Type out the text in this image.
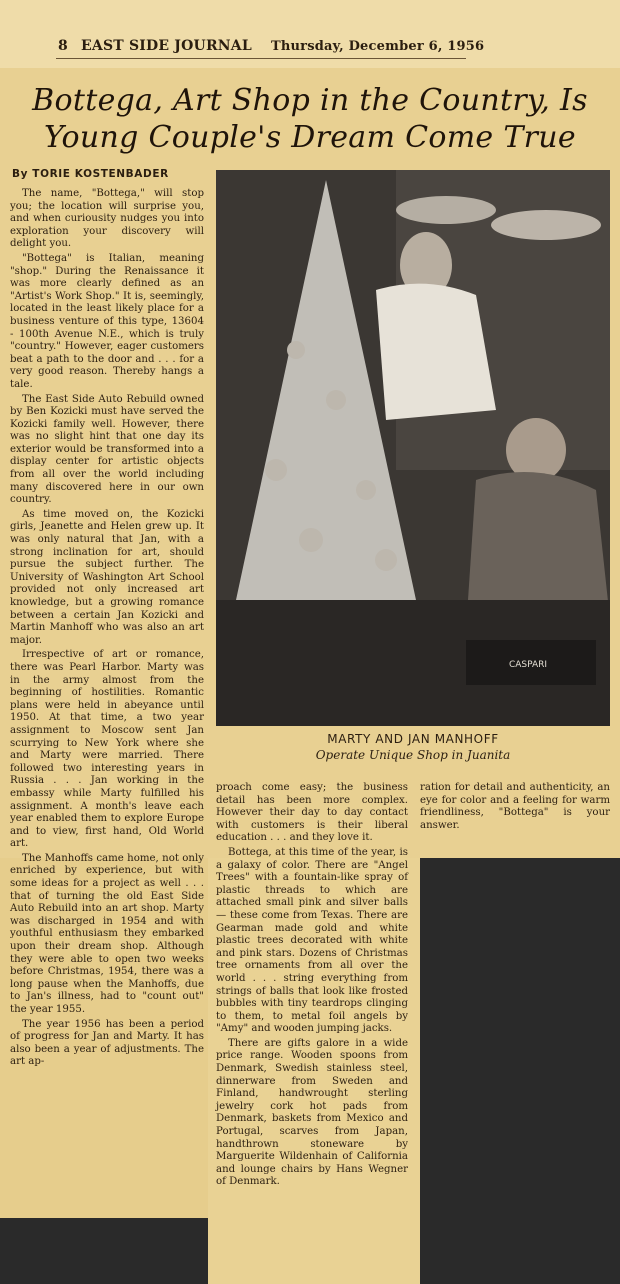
8 EAST SIDE JOURNAL Thursday, December 6, 1956
Bottega, Art Shop in the Country, Is Young Couple's Dream Come True
By TORIE KOSTENBADER
CASPARI
MARTY AND JAN MANHOFF
Operate Unique Shop in Juanita

The name, "Bottega," will stop you; the location will surprise you, and when curiousity nudges you into exploration your discovery will delight you.

"Bottega" is Italian, meaning "shop." During the Renaissance it was more clearly defined as an "Artist's Work Shop." It is, seemingly, located in the least likely place for a business venture of this type, 13604 - 100th Avenue N.E., which is truly "country." However, eager customers beat a path to the door and . . . for a very good reason. Thereby hangs a tale.

The East Side Auto Rebuild owned by Ben Kozicki must have served the Kozicki family well. However, there was no slight hint that one day its exterior would be transformed into a display center for artistic objects from all over the world including many discovered here in our own country.

As time moved on, the Kozicki girls, Jeanette and Helen grew up. It was only natural that Jan, with a strong inclination for art, should pursue the subject further. The University of Washington Art School provided not only increased art knowledge, but a growing romance between a certain Jan Kozicki and Martin Manhoff who was also an art major.

Irrespective of art or romance, there was Pearl Harbor. Marty was in the army almost from the beginning of hostilities. Romantic plans were held in abeyance until 1950. At that time, a two year assignment to Moscow sent Jan scurrying to New York where she and Marty were married. There followed two interesting years in Russia . . . Jan working in the embassy while Marty fulfilled his assignment. A month's leave each year enabled them to explore Europe and to view, first hand, Old World art.

The Manhoffs came home, not only enriched by experience, but with some ideas for a project as well . . . that of turning the old East Side Auto Rebuild into an art shop. Marty was discharged in 1954 and with youthful enthusiasm they embarked upon their dream shop. Although they were able to open two weeks before Christmas, 1954, there was a long pause when the Manhoffs, due to Jan's illness, had to "count out" the year 1955.

The year 1956 has been a period of progress for Jan and Marty. It has also been a year of adjustments. The art ap-

proach come easy; the business detail has been more complex. However their day to day contact with customers is their liberal education . . . and they love it.

Bottega, at this time of the year, is a galaxy of color. There are "Angel Trees" with a fountain-like spray of plastic threads to which are attached small pink and silver balls — these come from Texas. There are Gearman made gold and white plastic trees decorated with white and pink stars. Dozens of Christmas tree ornaments from all over the world . . . string everything from strings of balls that look like frosted bubbles with tiny teardrops clinging to them, to metal foil angels by "Amy" and wooden jumping jacks.

There are gifts galore in a wide price range. Wooden spoons from Denmark, Swedish stainless steel, dinnerware from Sweden and Finland, handwrought sterling jewelry cork hot pads from Denmark, baskets from Mexico and Portugal, scarves from Japan, handthrown stoneware by Marguerite Wildenhain of California and lounge chairs by Hans Wegner of Denmark.

ration for detail and authenticity, an eye for color and a feeling for warm friendliness, "Bottega" is your answer.
